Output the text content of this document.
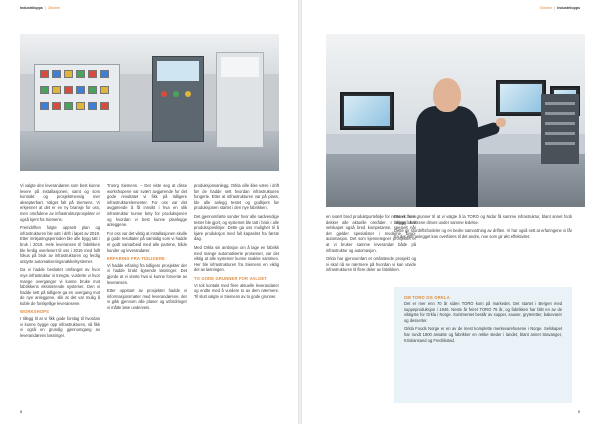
Industrilopps | Oktober

Vi valgte den leverandøren som best kunne levere på installasjonen, samt og som kontrakt og prosjektmessig mer aksepterbart. Valget falt på Siemens. Vi erkjenner at det er en ny bransje for oss, men områdene av infrastrukturprosjekter er også kjent fra Siemens.

Fremdriften fulgte oppsett plan og infrastrukturen ble satt i drift i løpet av 2018. Etter innkjøringsperioden ble alle bygg tatt i bruk i 2019. Hele leveransen til fabrikken ble ferdig overlevert til oss i 2019 med fullt fokus på bruk av infrastrukturen og ferdig utstyrte automatiseringsnøkkelsystemer.

Da vi hadde besluttet omfanget av hvor mye infrastruktur vi trengte, vurderte vi hvor mange overganger vi kunne bruke mot fabrikkens eksisterende systemer. Den vi hadde sett på tidligere ga en overgang mot de nye anleggene, slik at det var mulig å koble de forskjellige leveransene.

WORKSHOPS

I tillegg til at vi fikk gode forslag til hvordan vi kunne bygge opp infrastrukturen, så fikk vi også en grundig gjennomgang av leverandørens løsninger.

Tronrg Siemens. – Det viste seg at disse workshopene var svært avgjørende for det gode resultatet vi fikk på tidligere infrastrukturelementer. For oss var det avgjørende å få innsikt i hva en slik infrastruktur kunne bety for produksjonen og hvordan vi best kunne planlegge anleggene.

For oss var det viktig at installasjonen skulle gi gode resultater på samtidig som vi hadde et godt samarbeid med alle partene, både kunder og leverandører.

ERFARING FRA TIDLIGERE

Vi hadde erfaring fra tidligere prosjekter der vi hadde brukt lignende løsninger. Det gjorde at vi visste hva vi kunne forvente av leveransen.

Etter oppstart av prosjektet hadde vi informasjonsmøter med leverandørene, der vi gikk gjennom alle planer og utfordringer vi måtte løse underveis.

produksjonsanlegg. Orkla ville ikke være i drift før de hadde sett hvordan infrastrukturen fungerte. Etter at infrastrukturen var på plass, ble alle anlegg testet og godkjent før produksjonen startet i den nye fabrikken.

Det gjennomførte sonder hvor alle nødvendige tester ble gjort, og systemet ble tatt i bruk i alle produksjonslinjer. Dette ga oss mulighet til å kjøre produksjon med full kapasitet fra første dag.

Med Orkla sin ambisjon om å lage en fabrikk med mange automatiserte prosesser, var det viktig at alle systemer kunne snakke sammen. Her ble infrastrukturen fra Siemens en viktig del av løsningen.

TO GODE GRUNNER FOR VALGET

Vi tok kontakt med flere aktuelle leverandører og endte med å vurdere to av dem nærmere. Til slutt valgte vi Siemens av to gode grunner.

8
Oktober | Industrilopps

en svært bred produktportefølje for nettverk, som dekker alle aktuelle områder. I tillegg har selskapet også bred kompetanse, spesielt når det gjelder spesialister i moderne bygg-automasjon. Det som kjennetegner prosjektet er at vi bruker samme leverandør både på infrastruktur og automasjon.

Orkla har gjennomført et omfattende prosjekt og vi skal nå se nærmere på hvordan vi kan utvide infrastrukturen til flere deler av fabrikken.

9

Det er flere grunner til at vi valgte å la TORO og Nidar få samme infrastruktur, blant annet fordi begge fabrikkene drives under samme ledelse.

Dette gir stordriftsfordeler og en bedre samordning av driften. Vi har også sett at erfaringene vi får fra det ene anlegget kan overføres til det andre, noe som gir økt effektivitet.

OM TORO OG ORKLA

Det er mer enn 70 år siden TORO kom på markedet. Det startet i Bergen med suppeproduksjon i 1946. Neste år feiret TORO 75 år, og fabrikken har blitt en av de viktigste for Orkla i Norge. Sortimentet består av supper, sauser, gryteretter, bakevarer og desserter.

Orkla Foods Norge er en av de mest komplette merkevarehusene i Norge. Selskapet har rundt 1800 ansatte og fabrikker en rekke steder i landet, blant annet Stavanger, Kristiansand og Fredrikstad.
